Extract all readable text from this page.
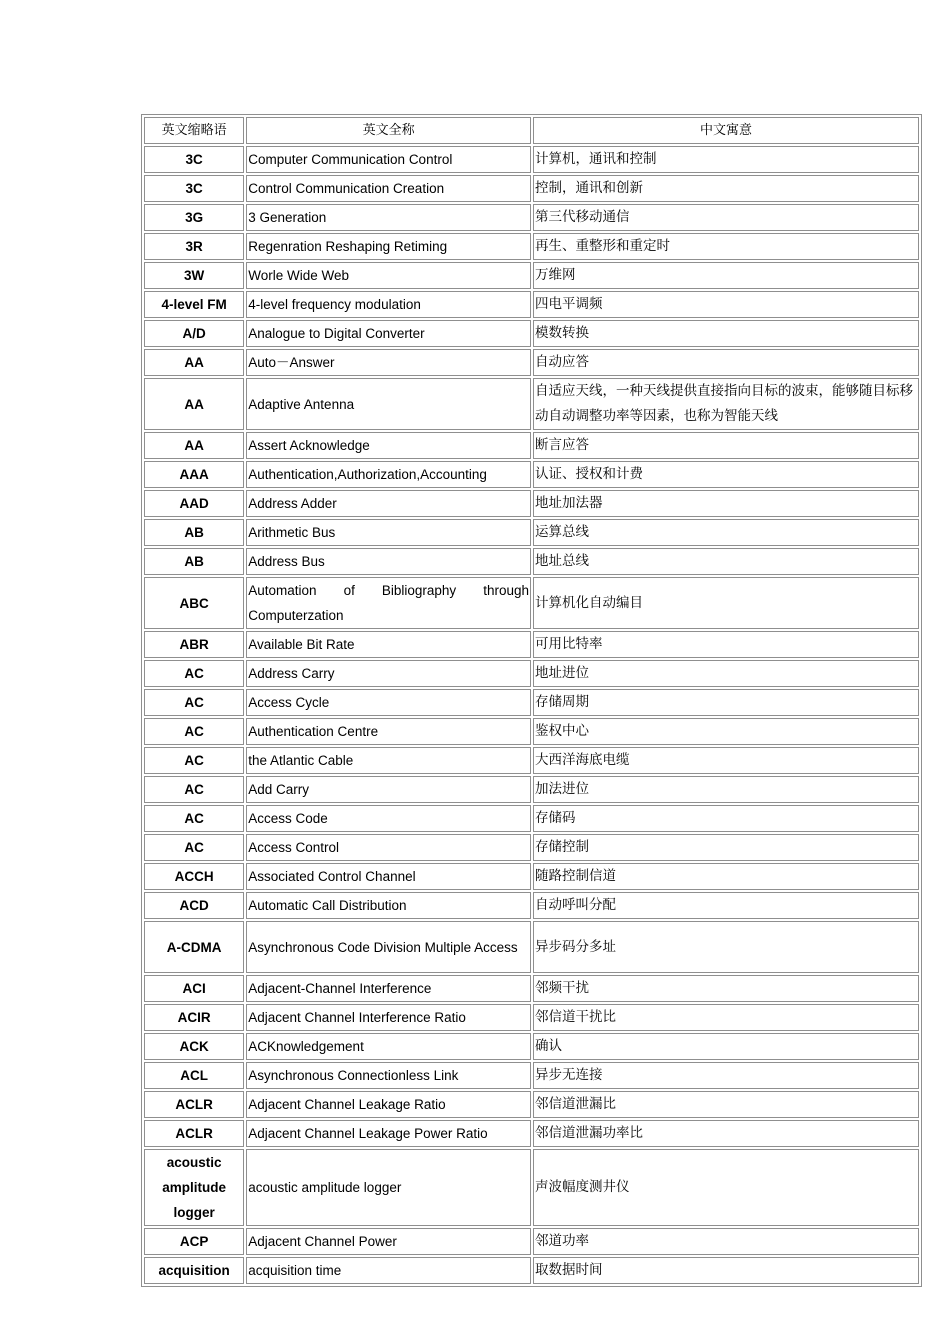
英文缩略语	英文全称	中文寓意
3C	Computer Communication Control	计算机，通讯和控制
3C	Control Communication Creation	控制，通讯和创新
3G	3 Generation	第三代移动通信
3R	Regenration Reshaping Retiming	再生、重整形和重定时
3W	Worle Wide Web	万维网
4-level FM	4-level frequency modulation	四电平调频
A/D	Analogue to Digital Converter	模数转换
AA	Auto－Answer	自动应答
AA	Adaptive Antenna	自适应天线，一种天线提供直接指向目标的波束，能够随目标移动自动调整功率等因素，也称为智能天线
AA	Assert Acknowledge	断言应答
AAA	Authentication,Authorization,Accounting	认证、授权和计费
AAD	Address Adder	地址加法器
AB	Arithmetic Bus	运算总线
AB	Address Bus	地址总线
ABC	Automation of Bibliography through Computerzation	计算机化自动编目
ABR	Available Bit Rate	可用比特率
AC	Address Carry	地址进位
AC	Access Cycle	存储周期
AC	Authentication Centre	鉴权中心
AC	the Atlantic Cable	大西洋海底电缆
AC	Add Carry	加法进位
AC	Access Code	存储码
AC	Access Control	存储控制
ACCH	Associated Control Channel	随路控制信道
ACD	Automatic Call Distribution	自动呼叫分配
A-CDMA	Asynchronous Code Division Multiple Access	异步码分多址
ACI	Adjacent-Channel Interference	邻频干扰
ACIR	Adjacent Channel Interference Ratio	邻信道干扰比
ACK	ACKnowledgement	确认
ACL	Asynchronous Connectionless Link	异步无连接
ACLR	Adjacent Channel Leakage Ratio	邻信道泄漏比
ACLR	Adjacent Channel Leakage Power Ratio	邻信道泄漏功率比
acoustic amplitude logger	acoustic amplitude logger	声波幅度测井仪
ACP	Adjacent Channel Power	邻道功率
acquisition	acquisition time	取数据时间
